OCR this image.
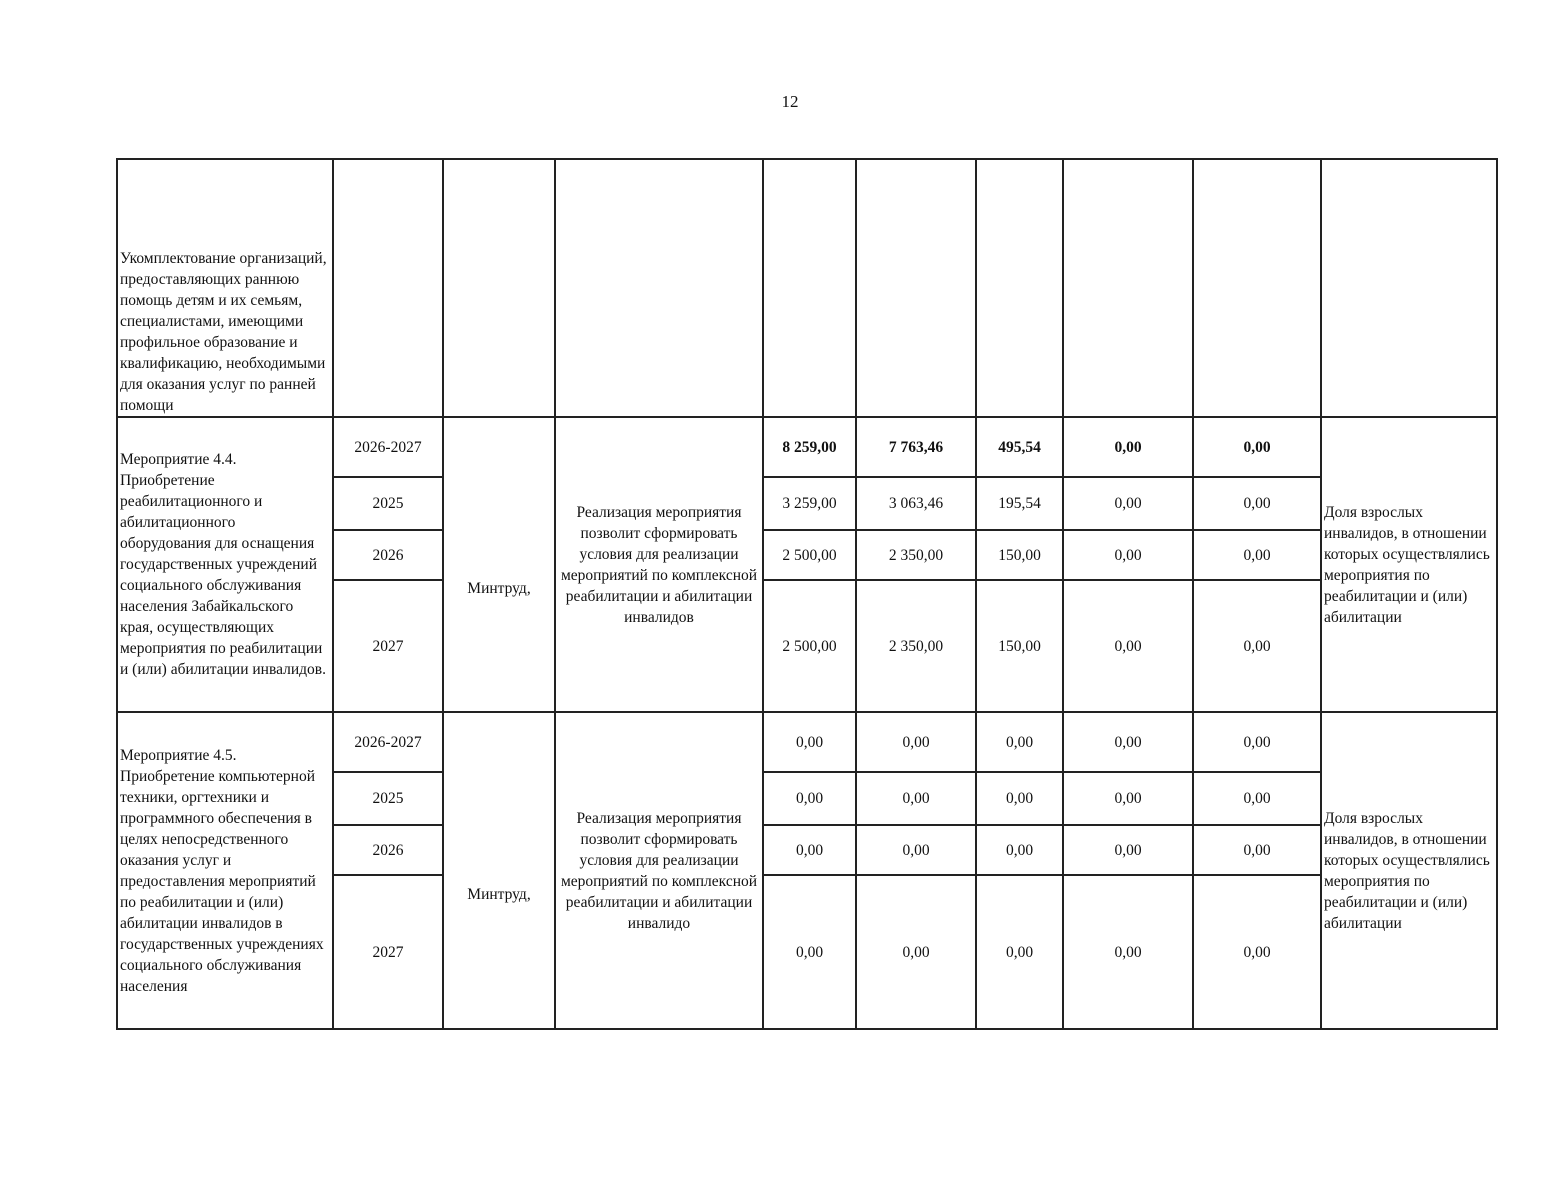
12
Укомплектование организаций, предоставляющих раннюю помощь детям и их семьям, специалистами, имеющими профильное образование и квалификацию, необходимыми для оказания услуг по ранней помощи									
Мероприятие 4.4. Приобретение реабилитационного и абилитационного оборудования для оснащения государственных учреждений социального обслуживания населения Забайкальского края, осуществляющих мероприятия по реабилитации и (или) абилитации инвалидов.	2026-2027	Минтруд,	Реализация мероприятия позволит сформировать условия для реализации мероприятий по комплексной реабилитации и абилитации инвалидов	8 259,00	7 763,46	495,54	0,00	0,00	Доля взрослых инвалидов, в отношении которых осуществлялись мероприятия по реабилитации и (или) абилитации
	2025			3 259,00	3 063,46	195,54	0,00	0,00	
	2026			2 500,00	2 350,00	150,00	0,00	0,00	
	2027			2 500,00	2 350,00	150,00	0,00	0,00	
Мероприятие 4.5. Приобретение компьютерной техники, оргтехники и программного обеспечения в целях непосредственного оказания услуг и предоставления мероприятий по реабилитации и (или) абилитации инвалидов в государственных учреждениях социального обслуживания населения	2026-2027	Минтруд,	Реализация мероприятия позволит сформировать условия для реализации мероприятий по комплексной реабилитации и абилитации инвалидо	0,00	0,00	0,00	0,00	0,00	Доля взрослых инвалидов, в отношении которых осуществлялись мероприятия по реабилитации и (или) абилитации
	2025			0,00	0,00	0,00	0,00	0,00	
	2026			0,00	0,00	0,00	0,00	0,00	
	2027			0,00	0,00	0,00	0,00	0,00	
